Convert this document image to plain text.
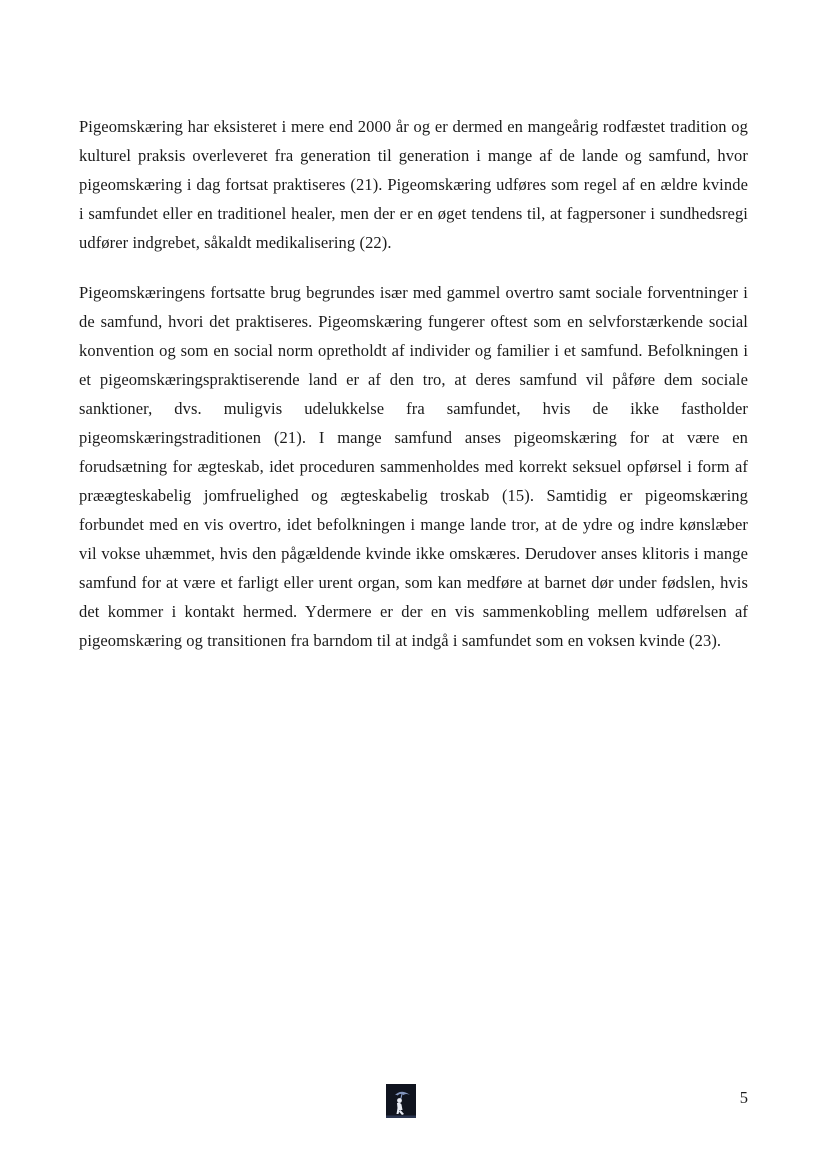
Pigeomskæring har eksisteret i mere end 2000 år og er dermed en mangeårig rodfæstet tradition og kulturel praksis overleveret fra generation til generation i mange af de lande og samfund, hvor pigeomskæring i dag fortsat praktiseres (21). Pigeomskæring udføres som regel af en ældre kvinde i samfundet eller en traditionel healer, men der er en øget tendens til, at fagpersoner i sundhedsregi udfører indgrebet, såkaldt medikalisering (22).

Pigeomskæringens fortsatte brug begrundes især med gammel overtro samt sociale forventninger i de samfund, hvori det praktiseres. Pigeomskæring fungerer oftest som en selvforstærkende social konvention og som en social norm opretholdt af individer og familier i et samfund. Befolkningen i et pigeomskæringspraktiserende land er af den tro, at deres samfund vil påføre dem sociale sanktioner, dvs. muligvis udelukkelse fra samfundet, hvis de ikke fastholder pigeomskæringstraditionen (21). I mange samfund anses pigeomskæring for at være en forudsætning for ægteskab, idet proceduren sammenholdes med korrekt seksuel opførsel i form af præægteskabelig jomfruelighed og ægteskabelig troskab (15). Samtidig er pigeomskæring forbundet med en vis overtro, idet befolkningen i mange lande tror, at de ydre og indre kønslæber vil vokse uhæmmet, hvis den pågældende kvinde ikke omskæres. Derudover anses klitoris i mange samfund for at være et farligt eller urent organ, som kan medføre at barnet dør under fødslen, hvis det kommer i kontakt hermed. Ydermere er der en vis sammenkobling mellem udførelsen af pigeomskæring og transitionen fra barndom til at indgå i samfundet som en voksen kvinde (23).

5
